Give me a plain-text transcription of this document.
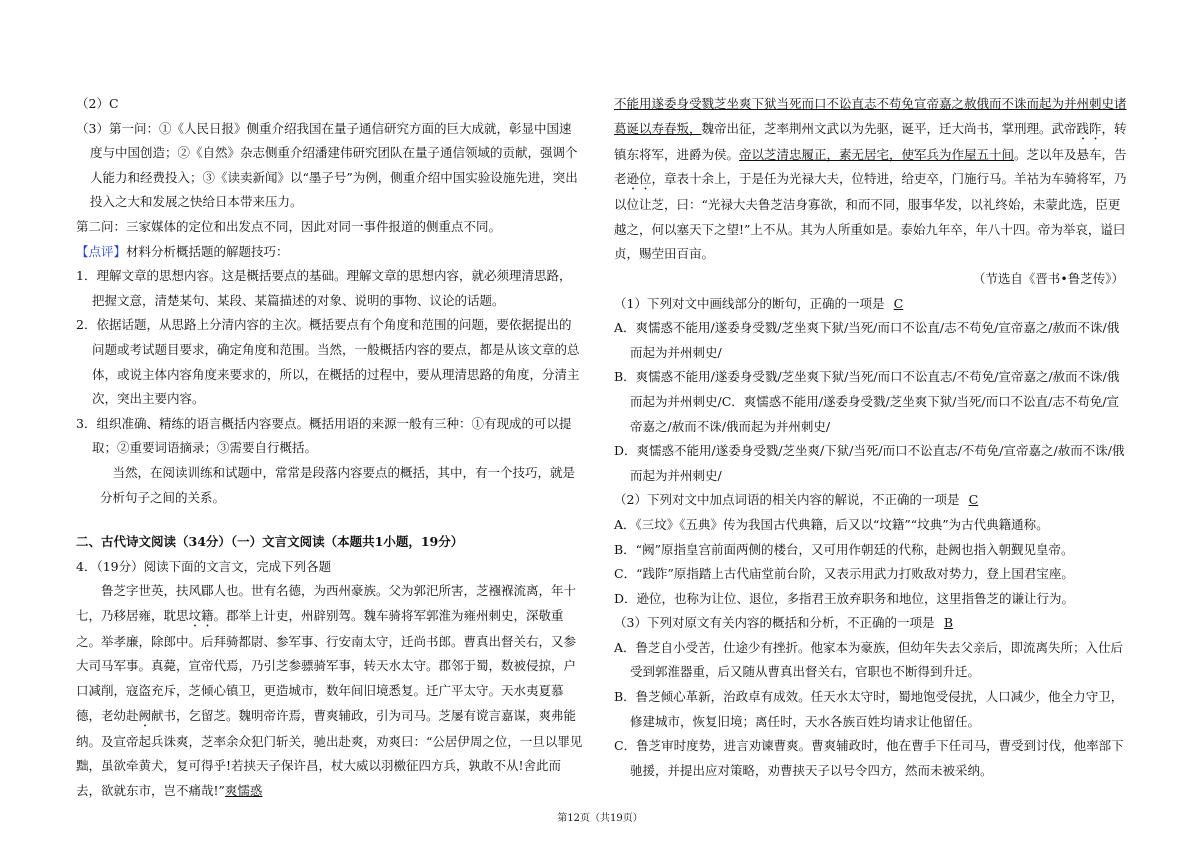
（2）C

（3）第一问：①《人民日报》侧重介绍我国在量子通信研究方面的巨大成就，彰显中国速度与中国创造；②《自然》杂志侧重介绍潘建伟研究团队在量子通信领域的贡献，强调个人能力和经费投入；③《读卖新闻》以“墨子号”为例，侧重介绍中国实验设施先进，突出投入之大和发展之快给日本带来压力。

第二问：三家媒体的定位和出发点不同，因此对同一事件报道的侧重点不同。

【点评】材料分析概括题的解题技巧：

1．理解文章的思想内容。这是概括要点的基础。理解文章的思想内容，就必须理清思路，把握文意，清楚某句、某段、某篇描述的对象、说明的事物、议论的话题。

2．依据话题，从思路上分清内容的主次。概括要点有个角度和范围的问题，要依据提出的问题或考试题目要求，确定角度和范围。当然，一般概括内容的要点，都是从该文章的总体，或说主体内容角度来要求的，所以，在概括的过程中，要从理清思路的角度，分清主次，突出主要内容。

3．组织准确、精练的语言概括内容要点。概括用语的来源一般有三种：①有现成的可以提取；②重要词语摘录；③需要自行概括。

当然，在阅读训练和试题中，常常是段落内容要点的概括，其中，有一个技巧，就是分析句子之间的关系。

二、古代诗文阅读（34分）（一）文言文阅读（本题共1小题，19分）

4．（19分）阅读下面的文言文，完成下列各题

鲁芝字世英，扶风郿人也。世有名德，为西州豪族。父为郭汜所害，芝襁褓流离，年十七，乃移居雍，耽思坟籍。郡举上计吏，州辟别驾。魏车骑将军郭淮为雍州刺史，深敬重之。举孝廉，除郎中。后拜骑都尉、参军事、行安南太守，迁尚书郎。曹真出督关右，又参大司马军事。真薨，宣帝代焉，乃引芝参骠骑军事，转天水太守。郡邻于蜀，数被侵掠，户口减削，寇盗充斥，芝倾心镇卫，更造城市，数年间旧境悉复。迁广平太守。天水夷夏慕德，老幼赴阙献书，乞留芝。魏明帝许焉，曹爽辅政，引为司马。芝屡有谠言嘉谋，爽弗能纳。及宣帝起兵诛爽，芝率余众犯门斩关，驰出赴爽，劝爽曰：“公居伊周之位，一旦以罪见黜，虽欲牵黄犬，复可得乎!若挟天子保许昌，杖大威以羽檄征四方兵，孰敢不从!舍此而去，欲就东市，岂不痛哉!”爽懦惑

不能用遂委身受戮芝坐爽下狱当死而口不讼直志不苟免宣帝嘉之赦俄而不诛而起为并州刺史诸葛诞以寿春叛，魏帝出征，芝率荆州文武以为先驱，诞平，迁大尚书，掌刑理。武帝践阼，转镇东将军，进爵为侯。帝以芝清忠履正，素无居宅，使军兵为作屋五十间。芝以年及悬车，告老逊位，章表十余上，于是任为光禄大夫，位特进，给吏卒，门施行马。羊祜为车骑将军，乃以位让芝，曰：“光禄大夫鲁芝洁身寡欲，和而不同，服事华发，以礼终始，未蒙此选，臣更越之，何以塞天下之望!”上不从。其为人所重如是。泰始九年卒，年八十四。帝为举哀，谥曰贞，赐茔田百亩。

（节选自《晋书•鲁芝传》）

（1）下列对文中画线部分的断句，正确的一项是 C

A．爽懦惑不能用/遂委身受戮/芝坐爽下狱/当死/而口不讼直/志不苟免/宣帝嘉之/赦而不诛/俄而起为并州刺史/

B．爽懦惑不能用/遂委身受戮/芝坐爽下狱/当死/而口不讼直志/不苟免/宣帝嘉之/赦而不诛/俄而起为并州刺史/C．爽懦惑不能用/遂委身受戮/芝坐爽下狱/当死/而口不讼直/志不苟免/宣帝嘉之/赦而不诛/俄而起为并州刺史/

D．爽懦惑不能用/遂委身受戮/芝坐爽/下狱/当死/而口不讼直志/不苟免/宣帝嘉之/赦而不诛/俄而起为并州刺史/

（2）下列对文中加点词语的相关内容的解说，不正确的一项是 C

A．《三坟》《五典》传为我国古代典籍，后又以“坟籍”“坟典”为古代典籍通称。

B．“阙”原指皇宫前面两侧的楼台，又可用作朝廷的代称，赴阙也指入朝觐见皇帝。

C．“践阼”原指踏上古代庙堂前台阶，又表示用武力打败敌对势力，登上国君宝座。

D．逊位，也称为让位、退位，多指君王放弃职务和地位，这里指鲁芝的谦让行为。

（3）下列对原文有关内容的概括和分析，不正确的一项是 B

A．鲁芝自小受苦，仕途少有挫折。他家本为豪族，但幼年失去父亲后，即流离失所；入仕后受到郭淮器重，后又随从曹真出督关右，官职也不断得到升迁。

B．鲁芝倾心革新，治政卓有成效。任天水太守时，蜀地饱受侵扰，人口减少，他全力守卫，修建城市，恢复旧境；离任时，天水各族百姓均请求让他留任。

C．鲁芝审时度势，进言劝谏曹爽。曹爽辅政时，他在曹手下任司马，曹受到讨伐，他率部下驰援，并提出应对策略，劝曹挟天子以号令四方，然而未被采纳。

第12页（共19页）
